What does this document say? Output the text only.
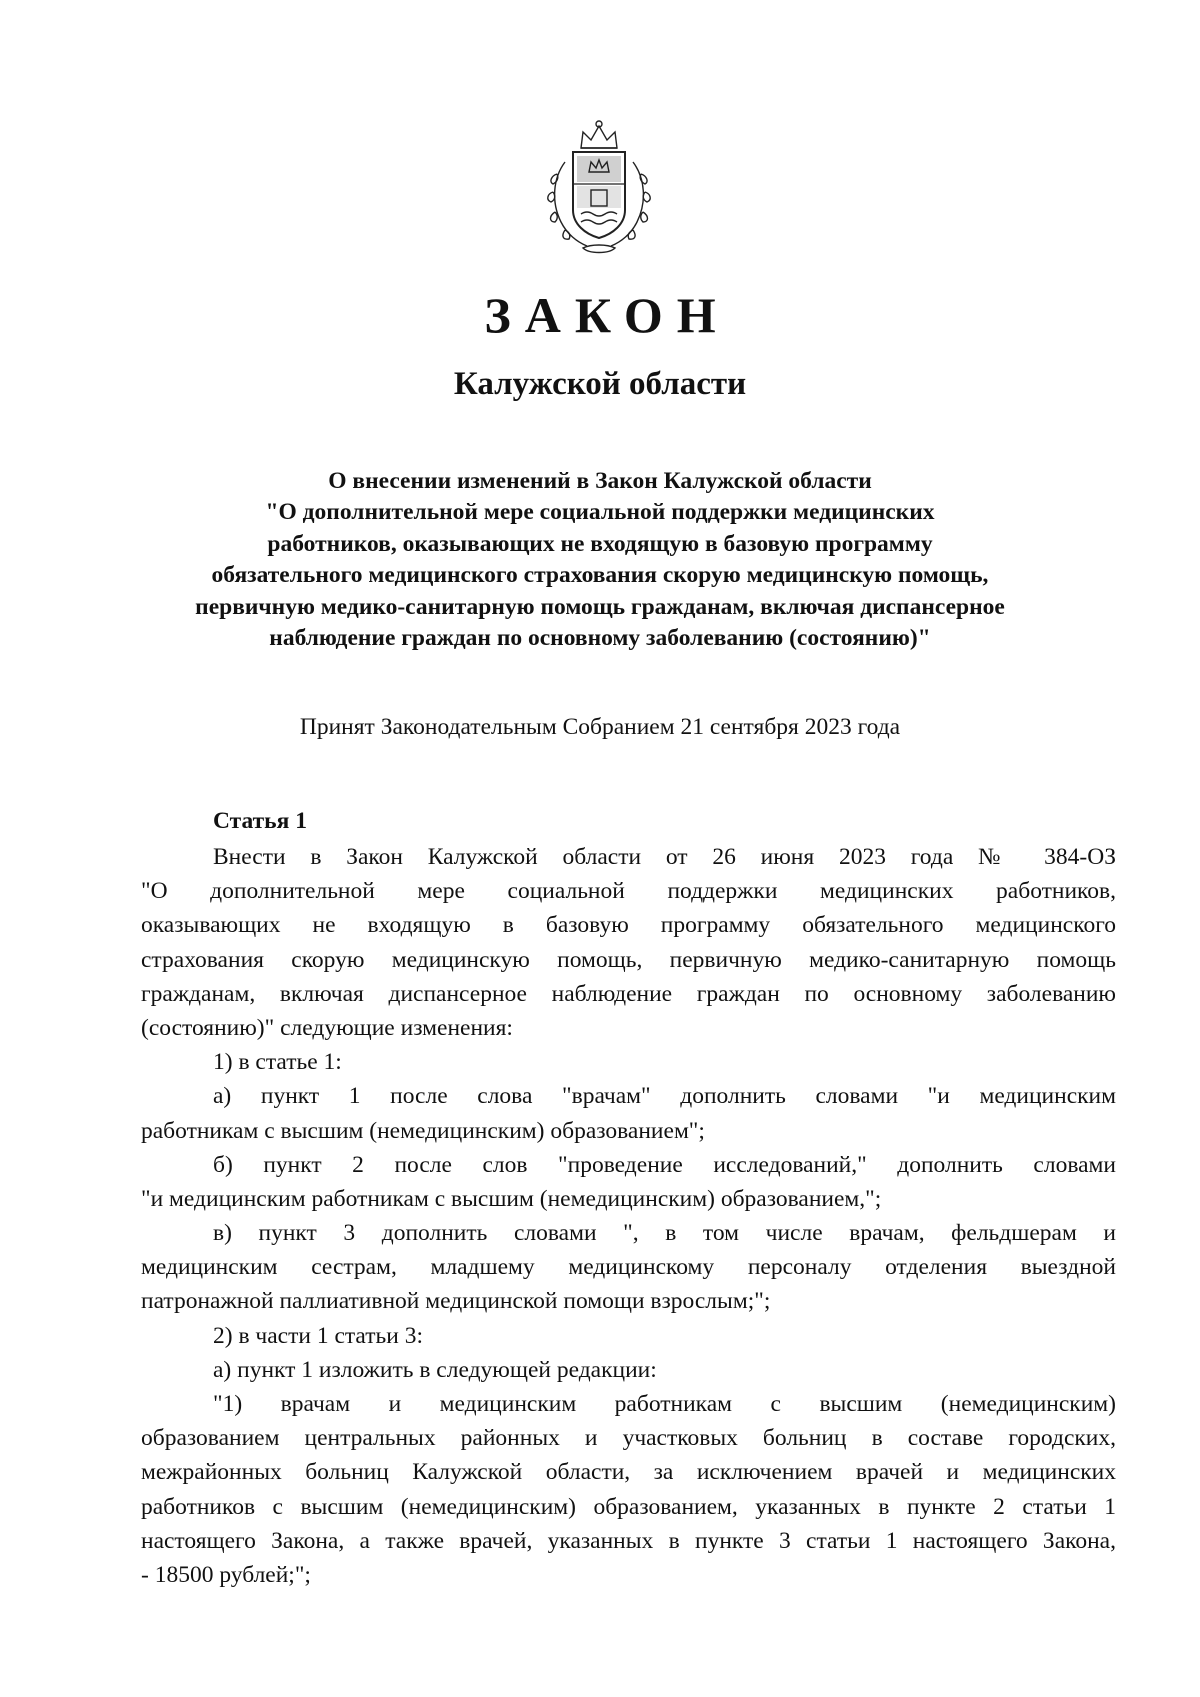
ЗАКОН
Калужской области
О внесении изменений в Закон Калужской области
"О дополнительной мере социальной поддержки медицинских
работников, оказывающих не входящую в базовую программу
обязательного медицинского страхования скорую медицинскую помощь,
первичную медико-санитарную помощь гражданам, включая диспансерное
наблюдение граждан по основному заболеванию (состоянию)"
Принят Законодательным Собранием 21 сентября 2023 года
Статья 1
Внести в Закон Калужской области от 26 июня 2023 года № 384-ОЗ
"О дополнительной мере социальной поддержки медицинских работников,
оказывающих не входящую в базовую программу обязательного медицинского
страхования скорую медицинскую помощь, первичную медико-санитарную помощь
гражданам, включая диспансерное наблюдение граждан по основному заболеванию
(состоянию)" следующие изменения:
1) в статье 1:
а) пункт 1 после слова "врачам" дополнить словами "и медицинским
работникам с высшим (немедицинским) образованием";
б) пункт 2 после слов "проведение исследований," дополнить словами
"и медицинским работникам с высшим (немедицинским) образованием,";
в) пункт 3 дополнить словами ", в том числе врачам, фельдшерам и
медицинским сестрам, младшему медицинскому персоналу отделения выездной
патронажной паллиативной медицинской помощи взрослым;";
2) в части 1 статьи 3:
а) пункт 1 изложить в следующей редакции:
"1) врачам и медицинским работникам с высшим (немедицинским)
образованием центральных районных и участковых больниц в составе городских,
межрайонных больниц Калужской области, за исключением врачей и медицинских
работников с высшим (немедицинским) образованием, указанных в пункте 2 статьи 1
настоящего Закона, а также врачей, указанных в пункте 3 статьи 1 настоящего Закона,
- 18500 рублей;";
